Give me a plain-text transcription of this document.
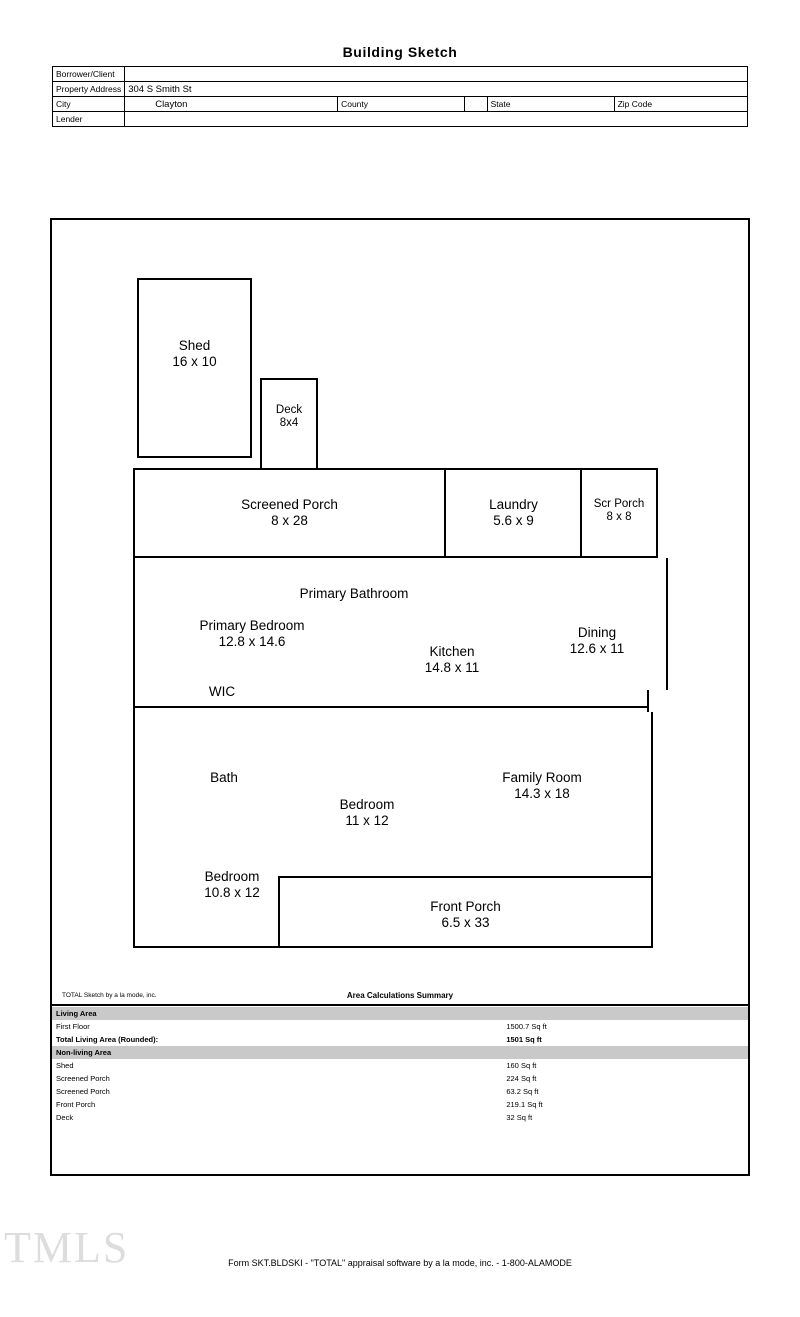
Building Sketch
Borrower/Client					
Property Address	304 S Smith St				
City	Clayton	County		State	Zip Code
Lender					
Shed
16 x 10
Deck
8x4
Screened Porch
8 x 28
Laundry
5.6 x 9
Scr Porch
8 x 8
Primary Bathroom
Primary Bedroom
12.8 x 14.6
WIC
Kitchen
14.8 x 11
Dining
12.6 x 11
Bath
Bedroom
11 x 12
Family Room
14.3 x 18
Bedroom
10.8 x 12
Front Porch
6.5 x 33
TOTAL Sketch by a la mode, inc.	Area Calculations Summary
Living Area	
First Floor	1500.7 Sq ft
Total Living Area (Rounded):	1501 Sq ft
Non-living Area	
Shed	160 Sq ft
Screened Porch	224 Sq ft
Screened Porch	63.2 Sq ft
Front Porch	219.1 Sq ft
Deck	32 Sq ft
TMLS	Form SKT.BLDSKI - "TOTAL" appraisal software by a la mode, inc. - 1-800-ALAMODE
